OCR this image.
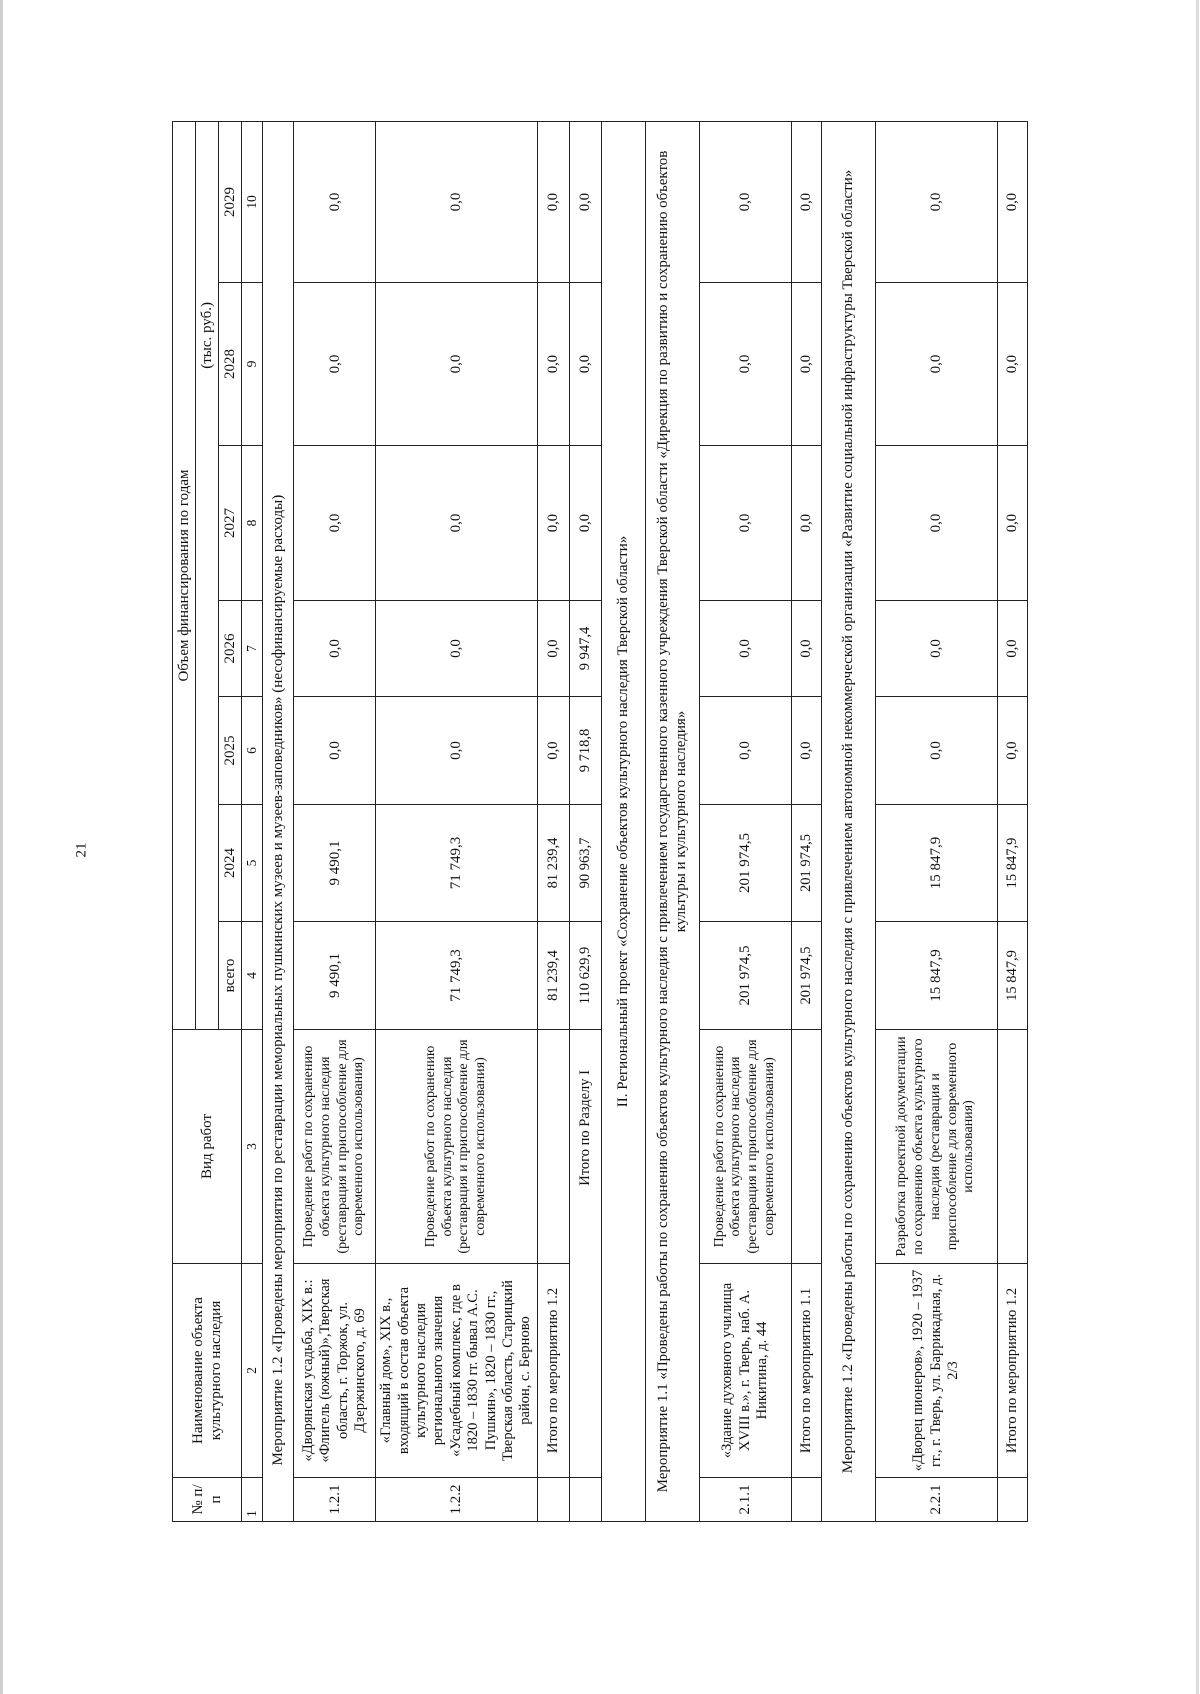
21
№ п/п	Наименование объекта культурного наследия	Вид работ	Объем финансирования по годам						
			(тыс. руб.)						
			всего	2024	2025	2026	2027	2028	2029
1	2	3	4	5	6	7	8	9	10
	Мероприятие 1.2 «Проведены мероприятия по реставрации мемориальных пушкинских музеев и музеев-заповедников» (несофинансируемые расходы)								
1.2.1	«Дворянская усадьба, XIX в.: «Флигель (южный)»,Тверская область, г. Торжок, ул. Дзержинского, д. 69	Проведение работ по сохранению объекта культурного наследия (реставрация и приспособление для современного использования)	9 490,1	9 490,1	0,0	0,0	0,0	0,0	0,0
1.2.2	«Главный дом», XIX в., входящий в состав объекта культурного наследия регионального значения «Усадебный комплекс, где в 1820 – 1830 гг. бывал А.С. Пушкин», 1820 – 1830 гг., Тверская область, Старицкий район, с. Берново	Проведение работ по сохранению объекта культурного наследия (реставрация и приспособление для современного использования)	71 749,3	71 749,3	0,0	0,0	0,0	0,0	0,0
	Итого по мероприятию 1.2		81 239,4	81 239,4	0,0	0,0	0,0	0,0	0,0
	Итого по Разделу I		110 629,9	90 963,7	9 718,8	9 947,4	0,0	0,0	0,0
II. Региональный проект «Сохранение объектов культурного наследия Тверской области»									
Мероприятие 1.1 «Проведены работы по сохранению объектов культурного наследия с привлечением государственного казенного учреждения Тверской области «Дирекция по развитию и сохранению объектов культуры и культурного наследия»									
2.1.1	«Здание духовного училища XVIII в.», г. Тверь, наб. А. Никитина, д. 44	Проведение работ по сохранению объекта культурного наследия (реставрация и приспособление для современного использования)	201 974,5	201 974,5	0,0	0,0	0,0	0,0	0,0
	Итого по мероприятию 1.1		201 974,5	201 974,5	0,0	0,0	0,0	0,0	0,0
Мероприятие 1.2 «Проведены работы по сохранению объектов культурного наследия с привлечением автономной некоммерческой организации «Развитие социальной инфраструктуры Тверской области»									
2.2.1	«Дворец пионеров», 1920 – 1937 гг., г. Тверь, ул. Баррикадная, д. 2/3	Разработка проектной документации по сохранению объекта культурного наследия (реставрация и приспособление для современного использования)	15 847,9	15 847,9	0,0	0,0	0,0	0,0	0,0
	Итого по мероприятию 1.2		15 847,9	15 847,9	0,0	0,0	0,0	0,0	0,0
